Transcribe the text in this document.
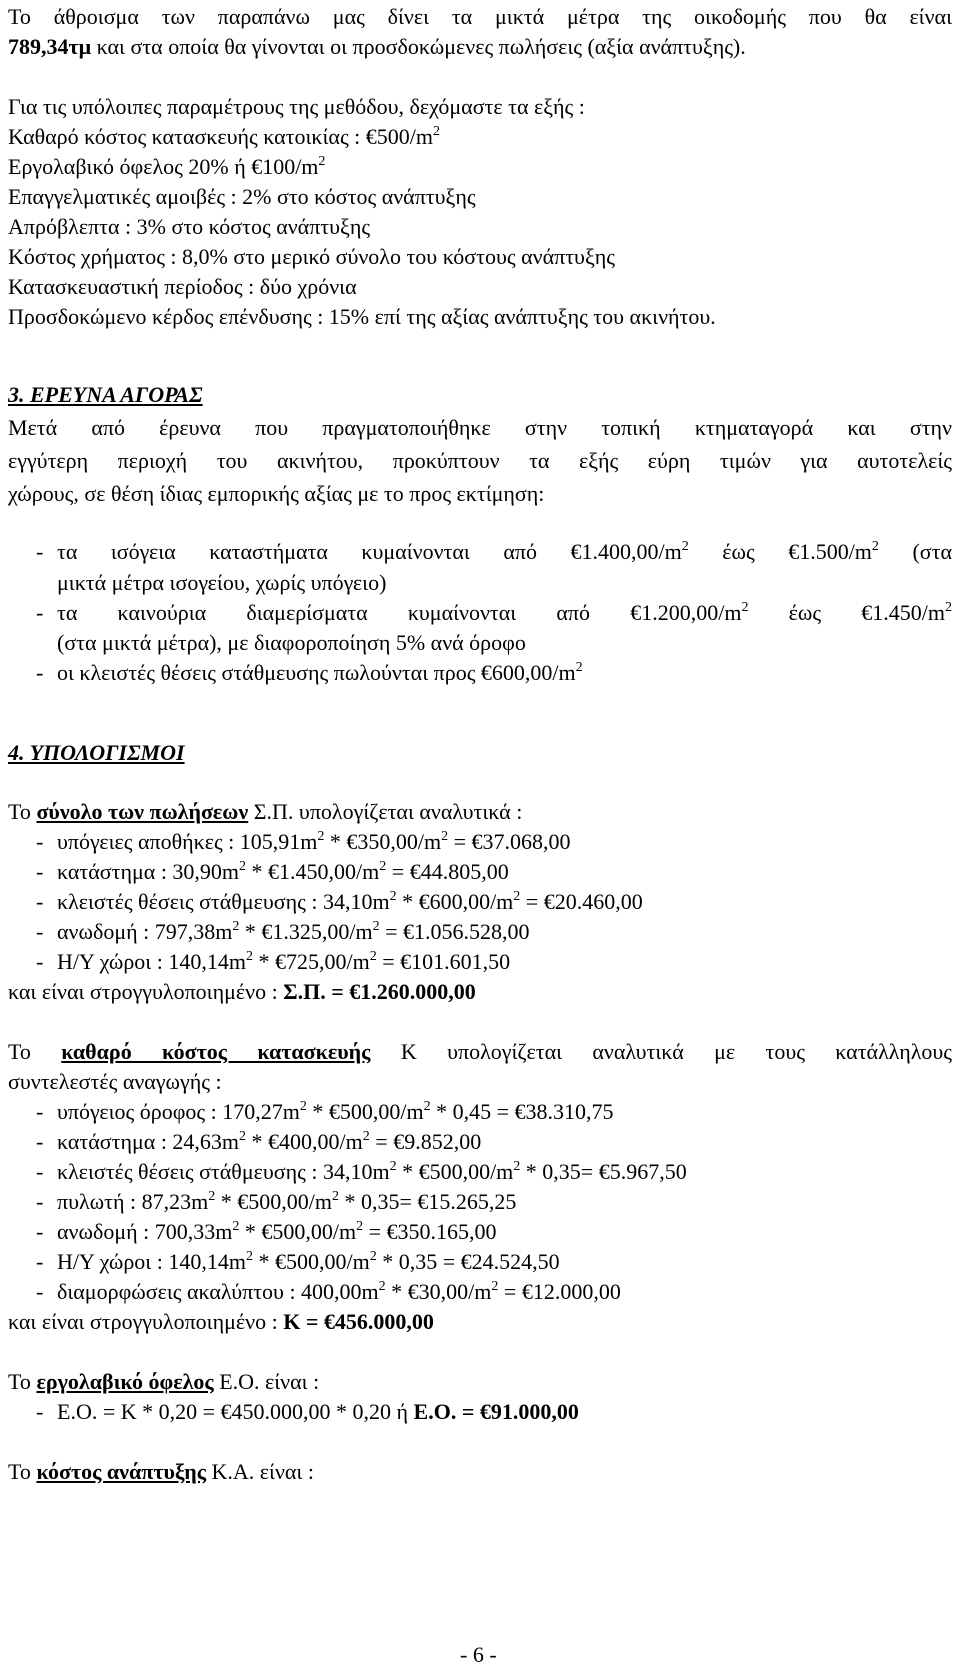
Το άθροισμα των παραπάνω μας δίνει τα μικτά μέτρα της οικοδομής που θα είναι
789,34τμ και στα οποία θα γίνονται οι προσδοκώμενες πωλήσεις (αξία ανάπτυξης).
Για τις υπόλοιπες παραμέτρους της μεθόδου, δεχόμαστε τα εξής :
Καθαρό κόστος κατασκευής κατοικίας : $€500/m^2$
Εργολαβικό όφελος 20% ή $€100/m^2$
Επαγγελματικές αμοιβές : 2% στο κόστος ανάπτυξης
Απρόβλεπτα : 3% στο κόστος ανάπτυξης
Κόστος χρήματος : 8,0% στο μερικό σύνολο του κόστους ανάπτυξης
Κατασκευαστική περίοδος : δύο χρόνια
Προσδοκώμενο κέρδος επένδυσης : 15% επί της αξίας ανάπτυξης του ακινήτου.
3. ΕΡΕΥΝΑ ΑΓΟΡΑΣ
Μετά από έρευνα που πραγματοποιήθηκε στην τοπική κτηματαγορά και στην
εγγύτερη περιοχή του ακινήτου, προκύπτουν τα εξής εύρη τιμών για αυτοτελείς
χώρους, σε θέση ίδιας εμπορικής αξίας με το προς εκτίμηση:
- τα ισόγεια καταστήματα κυμαίνονται από $€1.400,00/m^2$ έως $€1.500/m^2$ (στα
μικτά μέτρα ισογείου, χωρίς υπόγειο)
- τα καινούρια διαμερίσματα κυμαίνονται από $€1.200,00/m^2$ έως $€1.450/m^2$
(στα μικτά μέτρα), με διαφοροποίηση 5% ανά όροφο
- οι κλειστές θέσεις στάθμευσης πωλούνται προς $€600,00/m^2$
4. ΥΠΟΛΟΓΙΣΜΟΙ
Το σύνολο των πωλήσεων Σ.Π. υπολογίζεται αναλυτικά :
- υπόγειες αποθήκες : $105,91m^2$ * $€350,00/m^2$ = €37.068,00
- κατάστημα : $30,90m^2$ * $€1.450,00/m^2$ = €44.805,00
- κλειστές θέσεις στάθμευσης : $34,10m^2$ * $€600,00/m^2$ = €20.460,00
- ανωδομή : $797,38m^2$ * $€1.325,00/m^2$ = €1.056.528,00
- Η/Υ χώροι : $140,14m^2$ * $€725,00/m^2$ = €101.601,50
και είναι στρογγυλοποιημένο : Σ.Π. = €1.260.000,00
Το καθαρό κόστος κατασκευής Κ υπολογίζεται αναλυτικά με τους κατάλληλους
συντελεστές αναγωγής :
- υπόγειος όροφος : $170,27m^2$ * $€500,00/m^2 * 0,45$ = €38.310,75
- κατάστημα : $24,63m^2$ * $€400,00/m^2$ = €9.852,00
- κλειστές θέσεις στάθμευσης : $34,10m^2$ * $€500,00/m^2 * 0,35=$ €5.967,50
- πυλωτή : $87,23m^2$ * $€500,00/m^2 * 0,35=$ €15.265,25
- ανωδομή : $700,33m^2$ * $€500,00/m^2$ = €350.165,00
- Η/Υ χώροι : $140,14m^2$ * $€500,00/m^2 * 0,35$ = €24.524,50
- διαμορφώσεις ακαλύπτου : $400,00m^2$ * $€30,00/m^2$ = €12.000,00
και είναι στρογγυλοποιημένο : Κ = €456.000,00
Το εργολαβικό όφελος Ε.Ο. είναι :
- Ε.Ο. = Κ * 0,20 = €450.000,00 * 0,20 ή Ε.Ο. = €91.000,00
Το κόστος ανάπτυξης Κ.Α. είναι :
- 6 -
